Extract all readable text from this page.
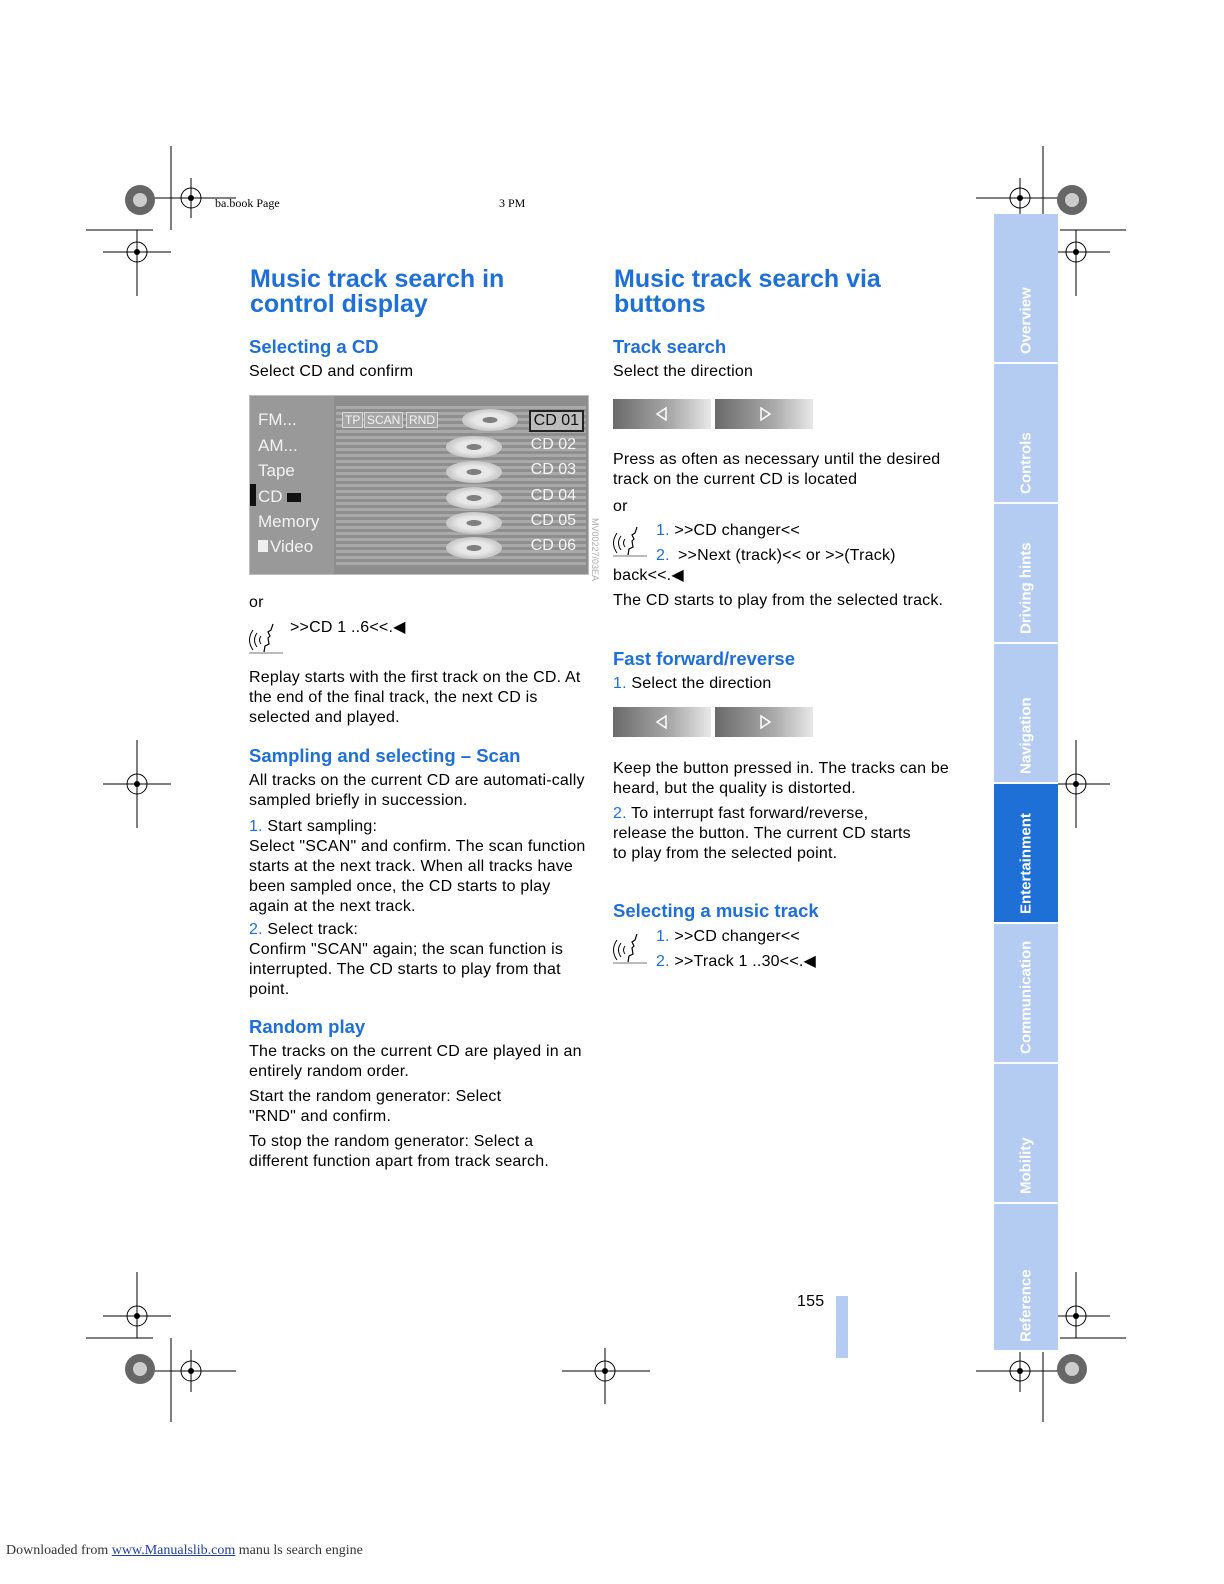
ba.book Page	3 PM
Music track search in
control display
Selecting a CD
Select CD and confirm
FM...
AM...
Tape
CD
Memory
Video
TP SCAN RND	CD 01
CD 02
CD 03
CD 04
CD 05
CD 06 MV00227/03EA
or
>>CD 1 ..6<<.◀
Replay starts with the first track on the CD. At the end of the final track, the next CD is selected and played.
Sampling and selecting – Scan
All tracks on the current CD are automati-cally sampled briefly in succession.
1. Start sampling:
Select "SCAN" and confirm. The scan function starts at the next track. When all tracks have been sampled once, the CD starts to play again at the next track.
2. Select track:
Confirm "SCAN" again; the scan function is interrupted. The CD starts to play from that point.
Random play
The tracks on the current CD are played in an entirely random order.
Start the random generator: Select "RND" and confirm.
To stop the random generator: Select a different function apart from track search.
Music track search via
buttons
Track search
Select the direction
Press as often as necessary until the desired track on the current CD is located
or
1. >>CD changer<<
2. >>Next (track)<< or >>(Track) back<<.◀
The CD starts to play from the selected track.
Fast forward/reverse
1. Select the direction
Keep the button pressed in. The tracks can be heard, but the quality is distorted.
2. To interrupt fast forward/reverse, release the button. The current CD starts to play from the selected point.
Selecting a music track
1. >>CD changer<<
2. >>Track 1 ..30<<.◀
Overview
Controls
Driving hints
Navigation
Entertainment
Communication
Mobility
Reference
155
Downloaded from www.Manualslib.com manu ls search engine
